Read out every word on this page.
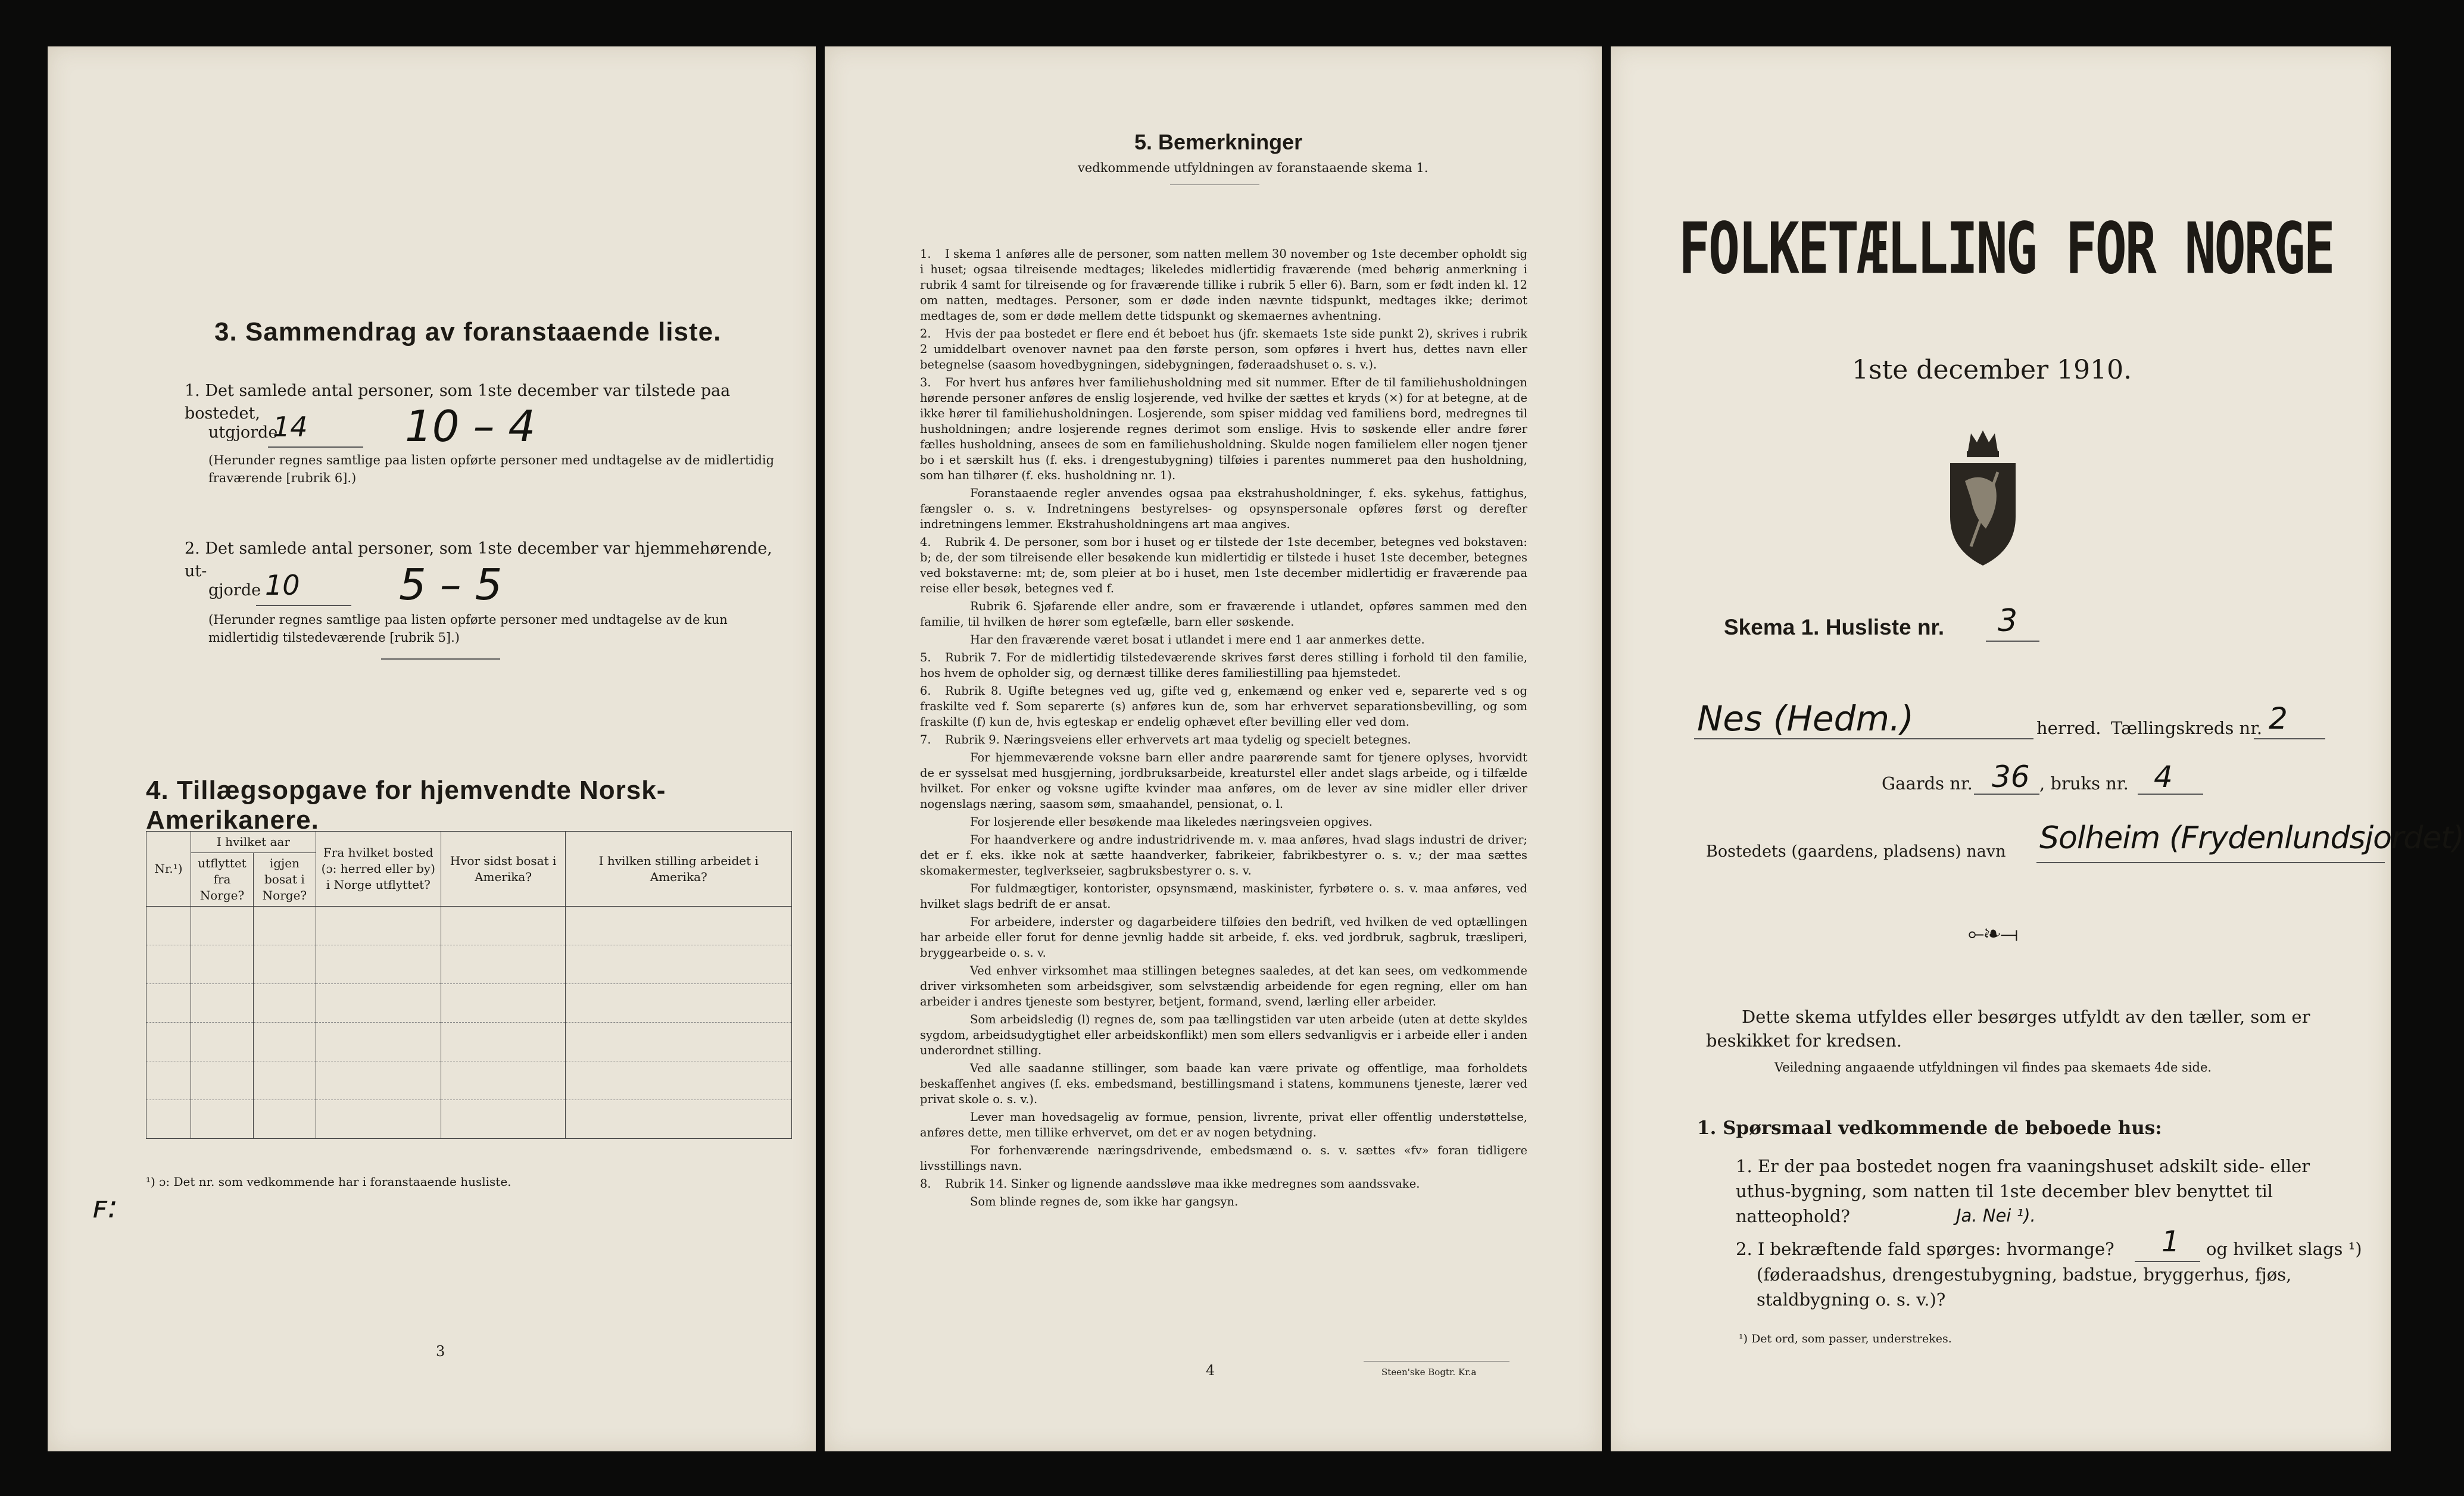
3. Sammendrag av foranstaaende liste.
1. Det samlede antal personer, som 1ste december var tilstede paa bostedet,
utgjorde
14 10 – 4
(Herunder regnes samtlige paa listen opførte personer med undtagelse av de midlertidig fraværende [rubrik 6].)
2. Det samlede antal personer, som 1ste december var hjemmehørende, ut-
gjorde 10 5 – 5
(Herunder regnes samtlige paa listen opførte personer med undtagelse av de kun midlertidig tilstedeværende [rubrik 5].)
4. Tillægsopgave for hjemvendte Norsk-Amerikanere.
Nr.¹)	I hvilket aar		Fra hvilket bosted (ɔ: herred eller by) i Norge utflyttet?	Hvor sidst bosat i Amerika?	I hvilken stilling arbeidet i Amerika?
	utflyttet fra Norge?	igjen bosat i Norge?			

¹) ɔ: Det nr. som vedkommende har i foranstaaende husliste.
ꜰ:
3
5. Bemerkninger
vedkommende utfyldningen av foranstaaende skema 1.

1. I skema 1 anføres alle de personer, som natten mellem 30 november og 1ste december opholdt sig i huset; ogsaa tilreisende medtages; likeledes midlertidig fraværende (med behørig anmerkning i rubrik 4 samt for tilreisende og for fraværende tillike i rubrik 5 eller 6). Barn, som er født inden kl. 12 om natten, medtages. Personer, som er døde inden nævnte tidspunkt, medtages ikke; derimot medtages de, som er døde mellem dette tidspunkt og skemaernes avhentning.

2. Hvis der paa bostedet er flere end ét beboet hus (jfr. skemaets 1ste side punkt 2), skrives i rubrik 2 umiddelbart ovenover navnet paa den første person, som opføres i hvert hus, dettes navn eller betegnelse (saasom hovedbygningen, sidebygningen, føderaadshuset o. s. v.).

3. For hvert hus anføres hver familiehusholdning med sit nummer. Efter de til familiehusholdningen hørende personer anføres de enslig losjerende, ved hvilke der sættes et kryds (×) for at betegne, at de ikke hører til familiehusholdningen. Losjerende, som spiser middag ved familiens bord, medregnes til husholdningen; andre losjerende regnes derimot som enslige. Hvis to søskende eller andre fører fælles husholdning, ansees de som en familiehusholdning. Skulde nogen familielem eller nogen tjener bo i et særskilt hus (f. eks. i drengestubygning) tilføies i parentes nummeret paa den husholdning, som han tilhører (f. eks. husholdning nr. 1).

Foranstaaende regler anvendes ogsaa paa ekstrahusholdninger, f. eks. sykehus, fattighus, fængsler o. s. v. Indretningens bestyrelses- og opsynspersonale opføres først og derefter indretningens lemmer. Ekstrahusholdningens art maa angives.

4. Rubrik 4. De personer, som bor i huset og er tilstede der 1ste december, betegnes ved bokstaven: b; de, der som tilreisende eller besøkende kun midlertidig er tilstede i huset 1ste december, betegnes ved bokstaverne: mt; de, som pleier at bo i huset, men 1ste december midlertidig er fraværende paa reise eller besøk, betegnes ved f.

Rubrik 6. Sjøfarende eller andre, som er fraværende i utlandet, opføres sammen med den familie, til hvilken de hører som egtefælle, barn eller søskende.

Har den fraværende været bosat i utlandet i mere end 1 aar anmerkes dette.

5. Rubrik 7. For de midlertidig tilstedeværende skrives først deres stilling i forhold til den familie, hos hvem de opholder sig, og dernæst tillike deres familiestilling paa hjemstedet.

6. Rubrik 8. Ugifte betegnes ved ug, gifte ved g, enkemænd og enker ved e, separerte ved s og fraskilte ved f. Som separerte (s) anføres kun de, som har erhvervet separationsbevilling, og som fraskilte (f) kun de, hvis egteskap er endelig ophævet efter bevilling eller ved dom.

7. Rubrik 9. Næringsveiens eller erhvervets art maa tydelig og specielt betegnes.

For hjemmeværende voksne barn eller andre paarørende samt for tjenere oplyses, hvorvidt de er sysselsat med husgjerning, jordbruksarbeide, kreaturstel eller andet slags arbeide, og i tilfælde hvilket. For enker og voksne ugifte kvinder maa anføres, om de lever av sine midler eller driver nogenslags næring, saasom søm, smaahandel, pensionat, o. l.

For losjerende eller besøkende maa likeledes næringsveien opgives.

For haandverkere og andre industridrivende m. v. maa anføres, hvad slags industri de driver; det er f. eks. ikke nok at sætte haandverker, fabrikeier, fabrikbestyrer o. s. v.; der maa sættes skomakermester, teglverkseier, sagbruksbestyrer o. s. v.

For fuldmægtiger, kontorister, opsynsmænd, maskinister, fyrbøtere o. s. v. maa anføres, ved hvilket slags bedrift de er ansat.

For arbeidere, inderster og dagarbeidere tilføies den bedrift, ved hvilken de ved optællingen har arbeide eller forut for denne jevnlig hadde sit arbeide, f. eks. ved jordbruk, sagbruk, træsliperi, bryggearbeide o. s. v.

Ved enhver virksomhet maa stillingen betegnes saaledes, at det kan sees, om vedkommende driver virksomheten som arbeidsgiver, som selvstændig arbeidende for egen regning, eller om han arbeider i andres tjeneste som bestyrer, betjent, formand, svend, lærling eller arbeider.

Som arbeidsledig (l) regnes de, som paa tællingstiden var uten arbeide (uten at dette skyldes sygdom, arbeidsudygtighet eller arbeidskonflikt) men som ellers sedvanligvis er i arbeide eller i anden underordnet stilling.

Ved alle saadanne stillinger, som baade kan være private og offentlige, maa forholdets beskaffenhet angives (f. eks. embedsmand, bestillingsmand i statens, kommunens tjeneste, lærer ved privat skole o. s. v.).

Lever man hovedsagelig av formue, pension, livrente, privat eller offentlig understøttelse, anføres dette, men tillike erhvervet, om det er av nogen betydning.

For forhenværende næringsdrivende, embedsmænd o. s. v. sættes «fv» foran tidligere livsstillings navn.

8. Rubrik 14. Sinker og lignende aandssløve maa ikke medregnes som aandssvake.

Som blinde regnes de, som ikke har gangsyn.

4	Steen'ske Bogtr. Kr.a
FOLKETÆLLING FOR NORGE
1ste december 1910.
Skema 1. Husliste nr. 3
Nes (Hedm.)	herred. Tællingskreds nr. 2
Gaards nr. 36 , bruks nr. 4
Bostedets (gaardens, pladsens) navn Solheim (Frydenlundsjordet)
⟜❧⟞
Dette skema utfyldes eller besørges utfyldt av den tæller, som er beskikket for kredsen.
Veiledning angaaende utfyldningen vil findes paa skemaets 4de side.
1. Spørsmaal vedkommende de beboede hus:
1. Er der paa bostedet nogen fra vaaningshuset adskilt side- eller uthus-bygning, som natten til 1ste december blev benyttet til natteophold?	Ja. Nei ¹).
2. I bekræftende fald spørges: hvormange? 1 og hvilket slags ¹)
(føderaadshus, drengestubygning, badstue, bryggerhus, fjøs, staldbygning o. s. v.)?
¹) Det ord, som passer, understrekes.
